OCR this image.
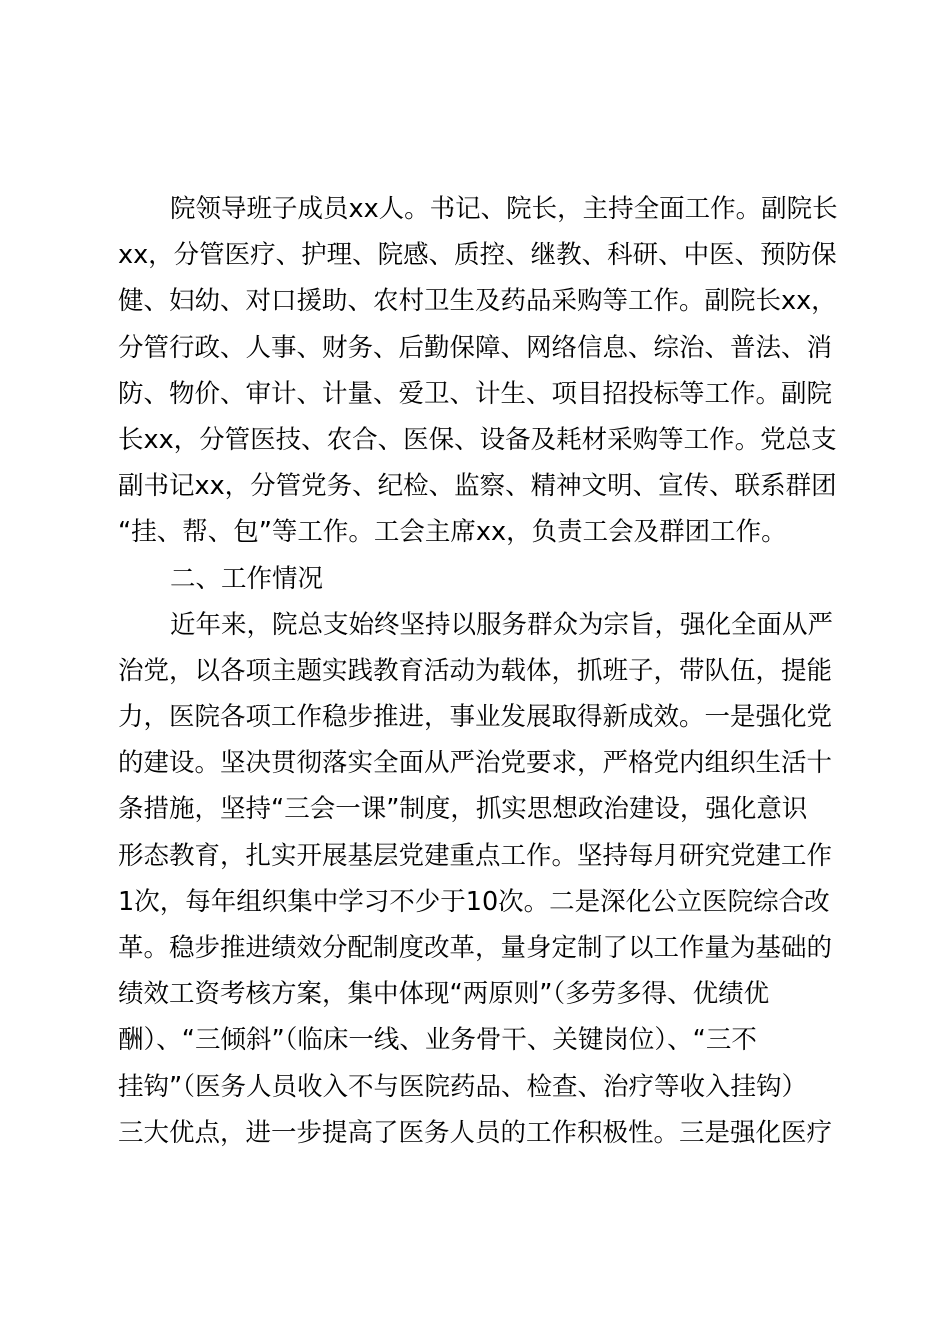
院领导班子成员xx人。书记、院长，主持全面工作。副院长
xx，分管医疗、护理、院感、质控、继教、科研、中医、预防保
健、妇幼、对口援助、农村卫生及药品采购等工作。副院长xx，
分管行政、人事、财务、后勤保障、网络信息、综治、普法、消
防、物价、审计、计量、爱卫、计生、项目招投标等工作。副院
长xx，分管医技、农合、医保、设备及耗材采购等工作。党总支
副书记xx，分管党务、纪检、监察、精神文明、宣传、联系群团
“挂、帮、包”等工作。工会主席xx，负责工会及群团工作。
二、工作情况
近年来，院总支始终坚持以服务群众为宗旨，强化全面从严
治党，以各项主题实践教育活动为载体，抓班子，带队伍，提能
力，医院各项工作稳步推进，事业发展取得新成效。一是强化党
的建设。坚决贯彻落实全面从严治党要求，严格党内组织生活十
条措施，坚持“三会一课”制度，抓实思想政治建设，强化意识
形态教育，扎实开展基层党建重点工作。坚持每月研究党建工作
1次，每年组织集中学习不少于10次。二是深化公立医院综合改
革。稳步推进绩效分配制度改革，量身定制了以工作量为基础的
绩效工资考核方案，集中体现“两原则”（多劳多得、优绩优
酬）、“三倾斜”（临床一线、业务骨干、关键岗位）、“三不
挂钩”（医务人员收入不与医院药品、检查、治疗等收入挂钩）
三大优点，进一步提高了医务人员的工作积极性。三是强化医疗
